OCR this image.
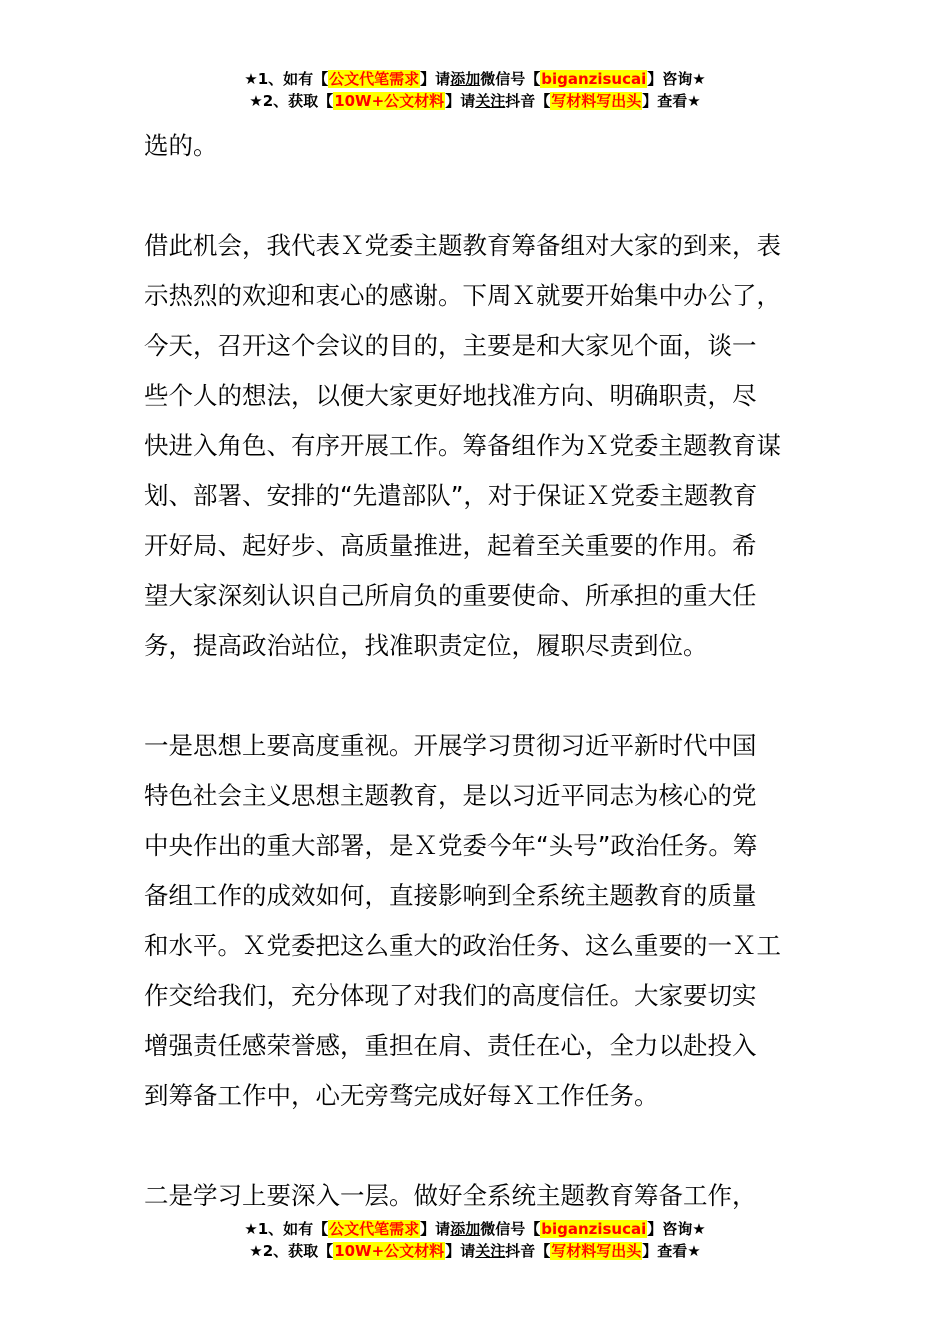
★1、如有【公文代笔需求】请添加微信号【biganzisucai】咨询★
★2、获取【10W+公文材料】请关注抖音【写材料写出头】查看★
选的。
借此机会，我代表Ｘ党委主题教育筹备组对大家的到来，表
示热烈的欢迎和衷心的感谢。下周Ｘ就要开始集中办公了，
今天，召开这个会议的目的，主要是和大家见个面，谈一
些个人的想法，以便大家更好地找准方向、明确职责，尽
快进入角色、有序开展工作。筹备组作为Ｘ党委主题教育谋
划、部署、安排的“先遣部队”，对于保证Ｘ党委主题教育
开好局、起好步、高质量推进，起着至关重要的作用。希
望大家深刻认识自己所肩负的重要使命、所承担的重大任
务，提高政治站位，找准职责定位，履职尽责到位。
一是思想上要高度重视。开展学习贯彻习近平新时代中国
特色社会主义思想主题教育，是以习近平同志为核心的党
中央作出的重大部署，是Ｘ党委今年“头号”政治任务。筹
备组工作的成效如何，直接影响到全系统主题教育的质量
和水平。Ｘ党委把这么重大的政治任务、这么重要的一Ｘ工
作交给我们，充分体现了对我们的高度信任。大家要切实
增强责任感荣誉感，重担在肩、责任在心，全力以赴投入
到筹备工作中，心无旁骛完成好每Ｘ工作任务。
二是学习上要深入一层。做好全系统主题教育筹备工作，
★1、如有【公文代笔需求】请添加微信号【biganzisucai】咨询★
★2、获取【10W+公文材料】请关注抖音【写材料写出头】查看★
